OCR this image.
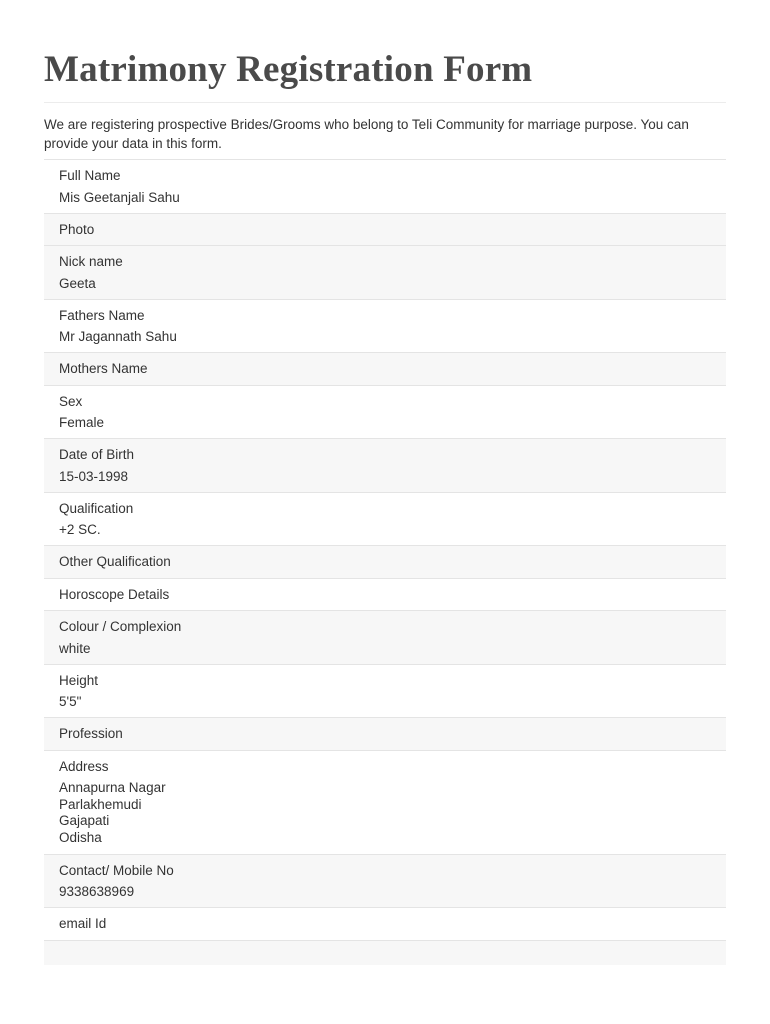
Matrimony Registration Form
We are registering prospective Brides/Grooms who belong to Teli Community for marriage purpose. You can provide your data in this form.
Full Name
Mis Geetanjali Sahu
Photo
Nick name
Geeta
Fathers Name
Mr Jagannath Sahu
Mothers Name
Sex
Female
Date of Birth
15-03-1998
Qualification
+2 SC.
Other Qualification
Horoscope Details
Colour / Complexion
white
Height
5'5"
Profession
Address
Annapurna Nagar
Parlakhemudi
Gajapati
Odisha
Contact/ Mobile No
9338638969
email Id
